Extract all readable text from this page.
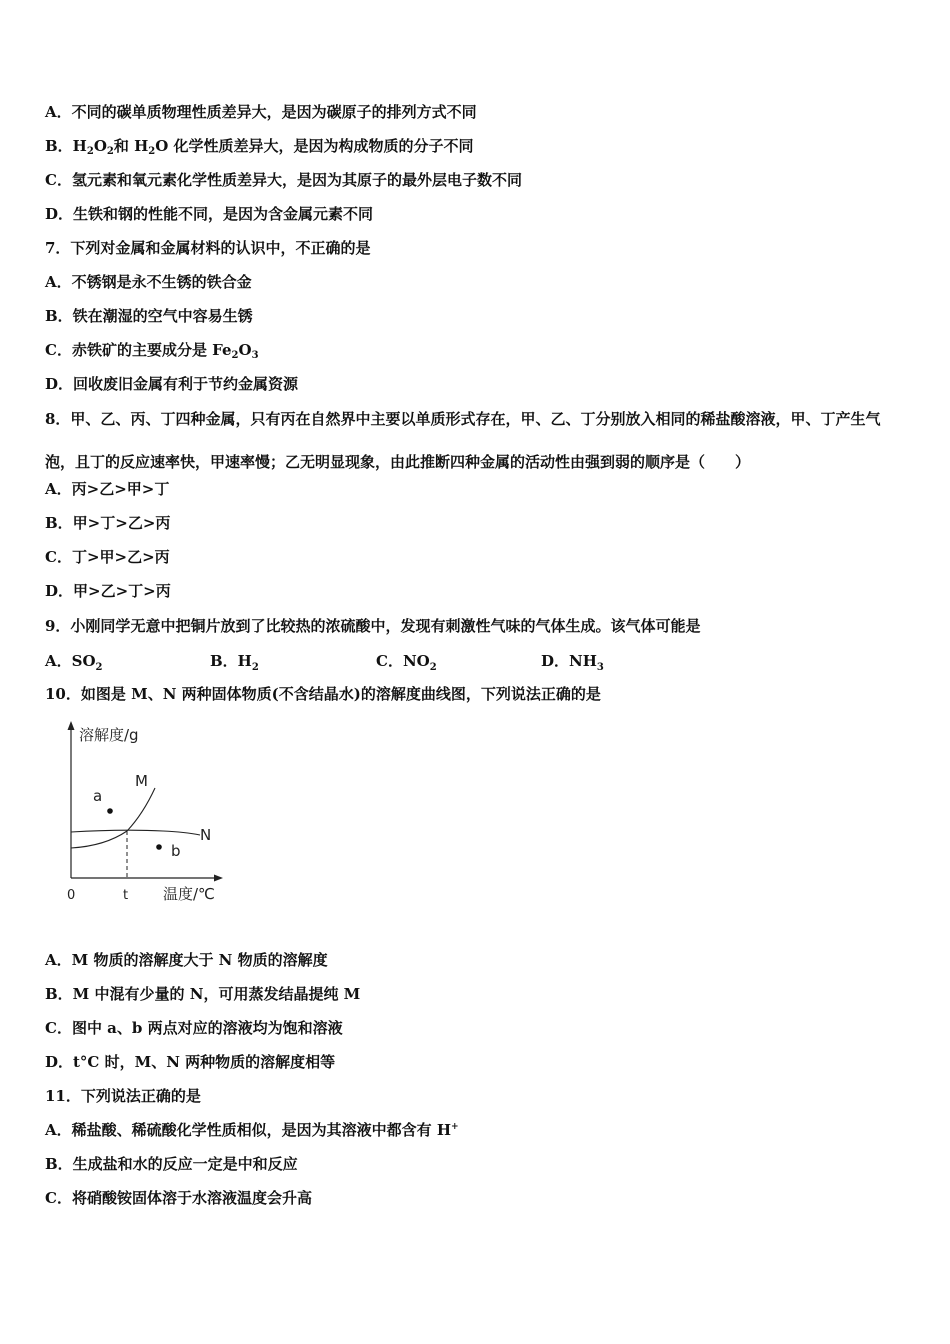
A．不同的碳单质物理性质差异大，是因为碳原子的排列方式不同
B．$H_2O_2$和 $H_2O$ 化学性质差异大，是因为构成物质的分子不同
C．氢元素和氧元素化学性质差异大，是因为其原子的最外层电子数不同
D．生铁和钢的性能不同，是因为含金属元素不同
7．下列对金属和金属材料的认识中，不正确的是
A．不锈钢是永不生锈的铁合金
B．铁在潮湿的空气中容易生锈
C．赤铁矿的主要成分是 $Fe_2O_3$
D．回收废旧金属有利于节约金属资源
8．甲、乙、丙、丁四种金属，只有丙在自然界中主要以单质形式存在，甲、乙、丁分别放入相同的稀盐酸溶液，甲、丁产生气泡，且丁的反应速率快，甲速率慢；乙无明显现象，由此推断四种金属的活动性由强到弱的顺序是（　　）
A．丙>乙>甲>丁
B．甲>丁>乙>丙
C．丁>甲>乙>丙
D．甲>乙>丁>丙
9．小刚同学无意中把铜片放到了比较热的浓硫酸中，发现有刺激性气味的气体生成。该气体可能是
A．$SO_2$	B．$H_2$	C．$NO_2$	D．$NH_3$
10．如图是 M、N 两种固体物质(不含结晶水)的溶解度曲线图，下列说法正确的是
溶解度/g
M
a
N
b
0	t 温度/℃
A．M 物质的溶解度大于 N 物质的溶解度
B．M 中混有少量的 N，可用蒸发结晶提纯 M
C．图中 a、b 两点对应的溶液均为饱和溶液
D．t°C 时，M、N 两种物质的溶解度相等
11．下列说法正确的是
A．稀盐酸、稀硫酸化学性质相似，是因为其溶液中都含有 H+
B．生成盐和水的反应一定是中和反应
C．将硝酸铵固体溶于水溶液温度会升高
